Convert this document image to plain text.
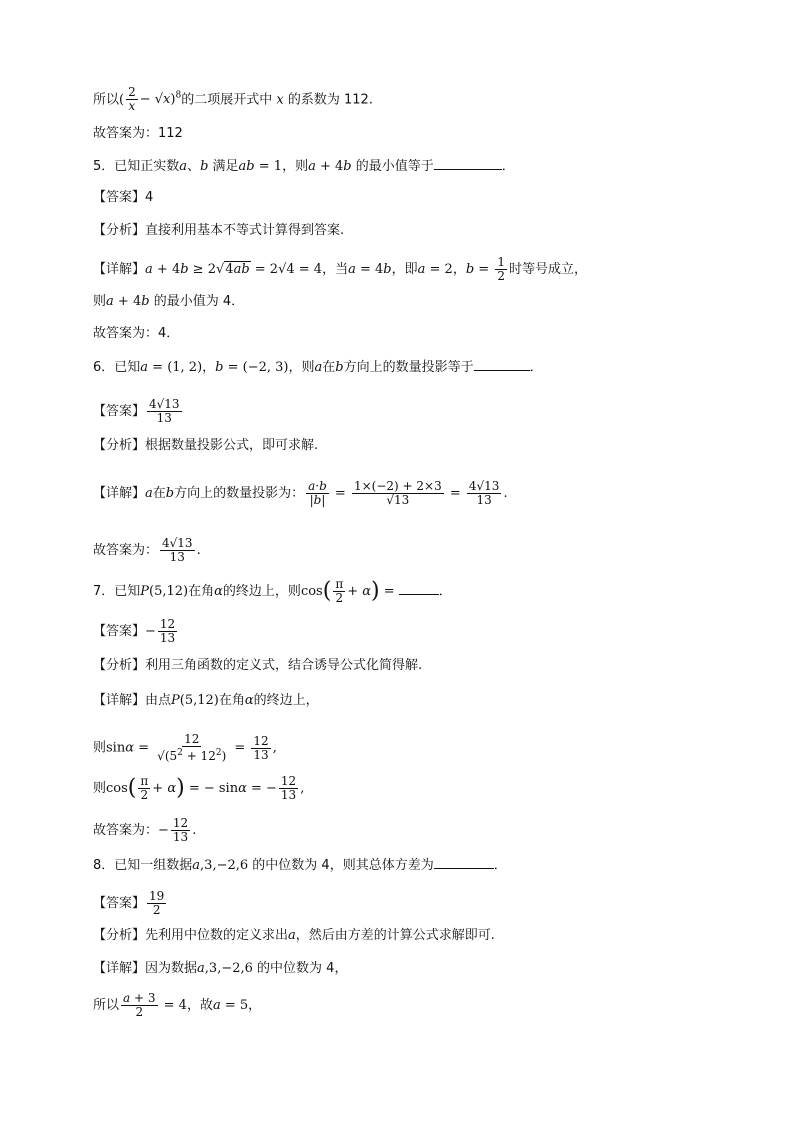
所以( $\frac{2}{x} - √x)^8$的二项展开式中 x 的系数为 112.
故答案为：112
5．已知正实数a、b 满足ab = 1，则a + 4b 的最小值等于	．
【答案】4
【分析】直接利用基本不等式计算得到答案.
【详解】a + 4b ≥ 2√4ab = 2√4 = 4，当a = 4b，即a = 2，$b = \frac{1}{2}$ 时等号成立，
则a + 4b 的最小值为 4．
故答案为：4．
6．已知a = (1, 2)，b = (−2, 3)，则a在b方向上的数量投影等于	．
【答案】 $\frac{4√13}{13}$
【分析】根据数量投影公式，即可求解.
【详解】a在b方向上的数量投影为： $\frac{a\cdot b}{|b|} = \frac{1\times(-2) + 2\times 3}{√13} = \frac{4√13}{13}$ .
故答案为： $\frac{4√13}{13}$ .
7．已知P(5,12)在角α的终边上，则$\cos( \frac{\pi}{2} + \alpha)$ =	．
【答案】− $\frac{12}{13}$
【分析】利用三角函数的定义式，结合诱导公式化简得解.
【详解】由点P(5,12)在角α的终边上，
则$\sin\alpha = \frac{12}{√(5^2 + 12^2)} = \frac{12}{13}$ ,
则$\cos( \frac{\pi}{2} + \alpha)$ = − sinα = − $\frac{12}{13}$ ,
故答案为：− $\frac{12}{13}$ .
8．已知一组数据a,3,−2,6 的中位数为 4，则其总体方差为	．
【答案】 $\frac{19}{2}$
【分析】先利用中位数的定义求出a，然后由方差的计算公式求解即可.
【详解】因为数据a,3,−2,6 的中位数为 4，
所以 $\frac{a + 3}{2} = 4$，故a = 5，
